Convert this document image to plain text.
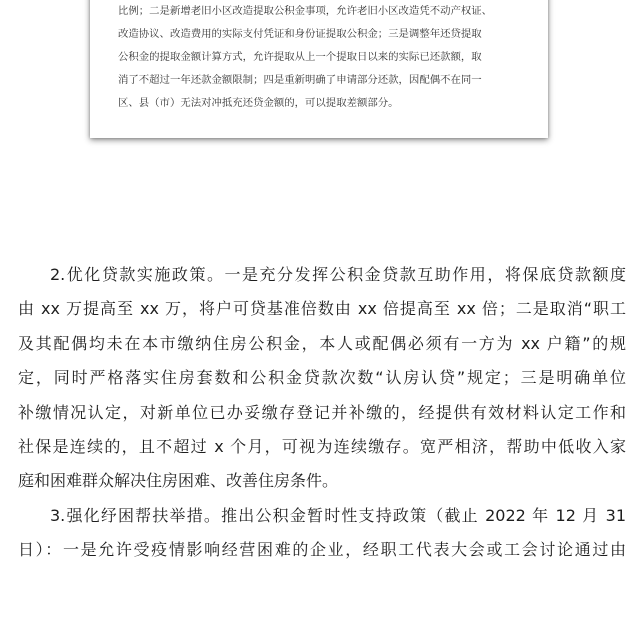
比例；二是新增老旧小区改造提取公积金事项，允许老旧小区改造凭不动产权证、
改造协议、改造费用的实际支付凭证和身份证提取公积金；三是调整年还贷提取
公积金的提取金额计算方式，允许提取从上一个提取日以来的实际已还款额，取
消了不超过一年还款金额限制；四是重新明确了申请部分还款，因配偶不在同一
区、县（市）无法对冲抵充还贷金额的，可以提取差额部分。
2.优化贷款实施政策。一是充分发挥公积金贷款互助作用，将保底贷款额度
由 xx 万提高至 xx 万，将户可贷基准倍数由 xx 倍提高至 xx 倍；二是取消“职工
及其配偶均未在本市缴纳住房公积金，本人或配偶必须有一方为 xx 户籍”的规
定，同时严格落实住房套数和公积金贷款次数“认房认贷”规定；三是明确单位
补缴情况认定，对新单位已办妥缴存登记并补缴的，经提供有效材料认定工作和
社保是连续的，且不超过 x 个月，可视为连续缴存。宽严相济，帮助中低收入家
庭和困难群众解决住房困难、改善住房条件。
3.强化纾困帮扶举措。推出公积金暂时性支持政策（截止 2022 年 12 月 31
日）：一是允许受疫情影响经营困难的企业，经职工代表大会或工会讨论通过由
